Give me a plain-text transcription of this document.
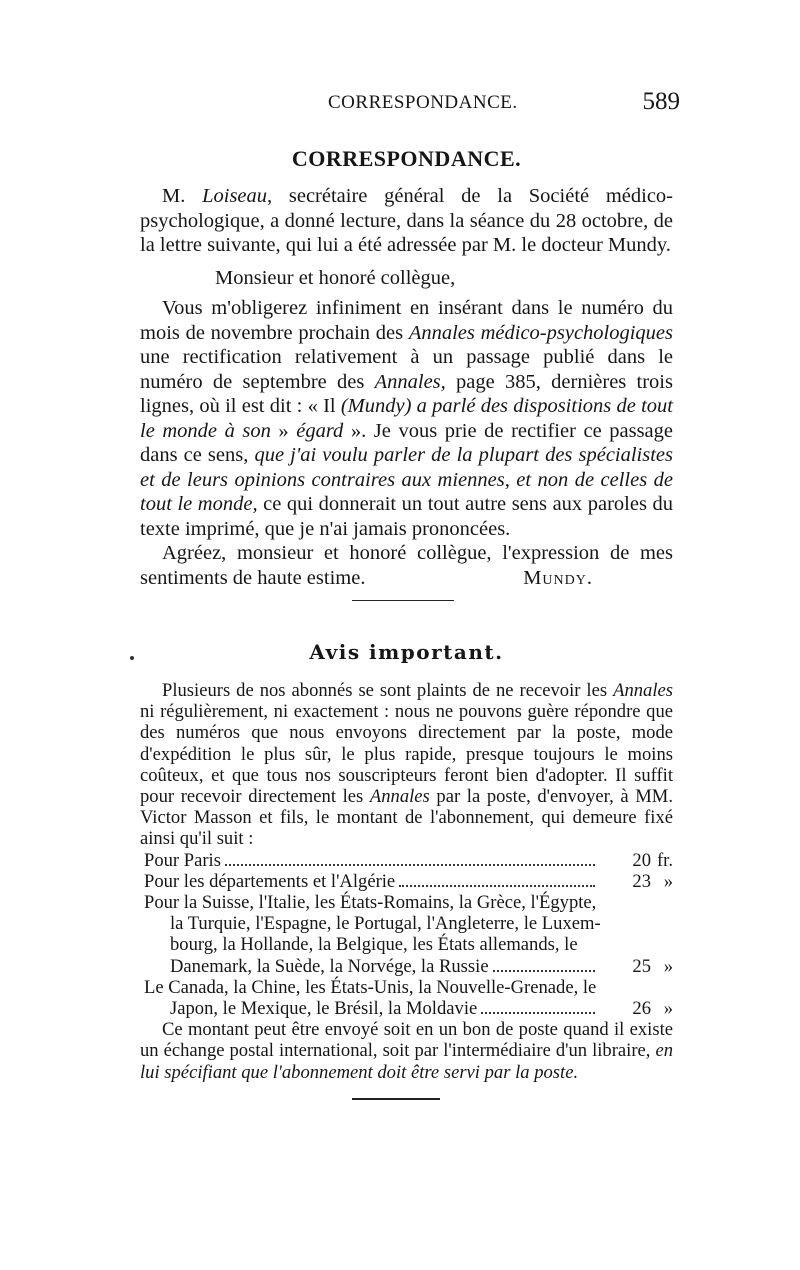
CORRESPONDANCE.	589
CORRESPONDANCE.

M. Loiseau, secrétaire général de la Société médico-psychologique, a donné lecture, dans la séance du 28 octobre, de la lettre suivante, qui lui a été adressée par M. le docteur Mundy.

Monsieur et honoré collègue,

Vous m'obligerez infiniment en insérant dans le numéro du mois de novembre prochain des Annales médico-psychologiques une rectification relativement à un passage publié dans le numéro de septembre des Annales, page 385, dernières trois lignes, où il est dit : « Il (Mundy) a parlé des dispositions de tout le monde à son » égard ». Je vous prie de rectifier ce passage dans ce sens, que j'ai voulu parler de la plupart des spécialistes et de leurs opinions contraires aux miennes, et non de celles de tout le monde, ce qui donnerait un tout autre sens aux paroles du texte imprimé, que je n'ai jamais prononcées.

Agréez, monsieur et honoré collègue, l'expression de mes sentiments de haute estime.	Mundy.

Avis important.

Plusieurs de nos abonnés se sont plaints de ne recevoir les Annales ni régulièrement, ni exactement : nous ne pouvons guère répondre que des numéros que nous envoyons directement par la poste, mode d'expédition le plus sûr, le plus rapide, presque toujours le moins coûteux, et que tous nos souscripteurs feront bien d'adopter. Il suffit pour recevoir directement les Annales par la poste, d'envoyer, à MM. Victor Masson et fils, le montant de l'abonnement, qui demeure fixé ainsi qu'il suit :

Pour Paris	20 fr.
Pour les départements et l'Algérie	23 »
Pour la Suisse, l'Italie, les États-Romains, la Grèce, l'Égypte,
la Turquie, l'Espagne, le Portugal, l'Angleterre, le Luxem-
bourg, la Hollande, la Belgique, les États allemands, le
Danemark, la Suède, la Norvége, la Russie	25 »
Le Canada, la Chine, les États-Unis, la Nouvelle-Grenade, le
Japon, le Mexique, le Brésil, la Moldavie	26 »

Ce montant peut être envoyé soit en un bon de poste quand il existe un échange postal international, soit par l'intermédiaire d'un libraire, en lui spécifiant que l'abonnement doit être servi par la poste.
